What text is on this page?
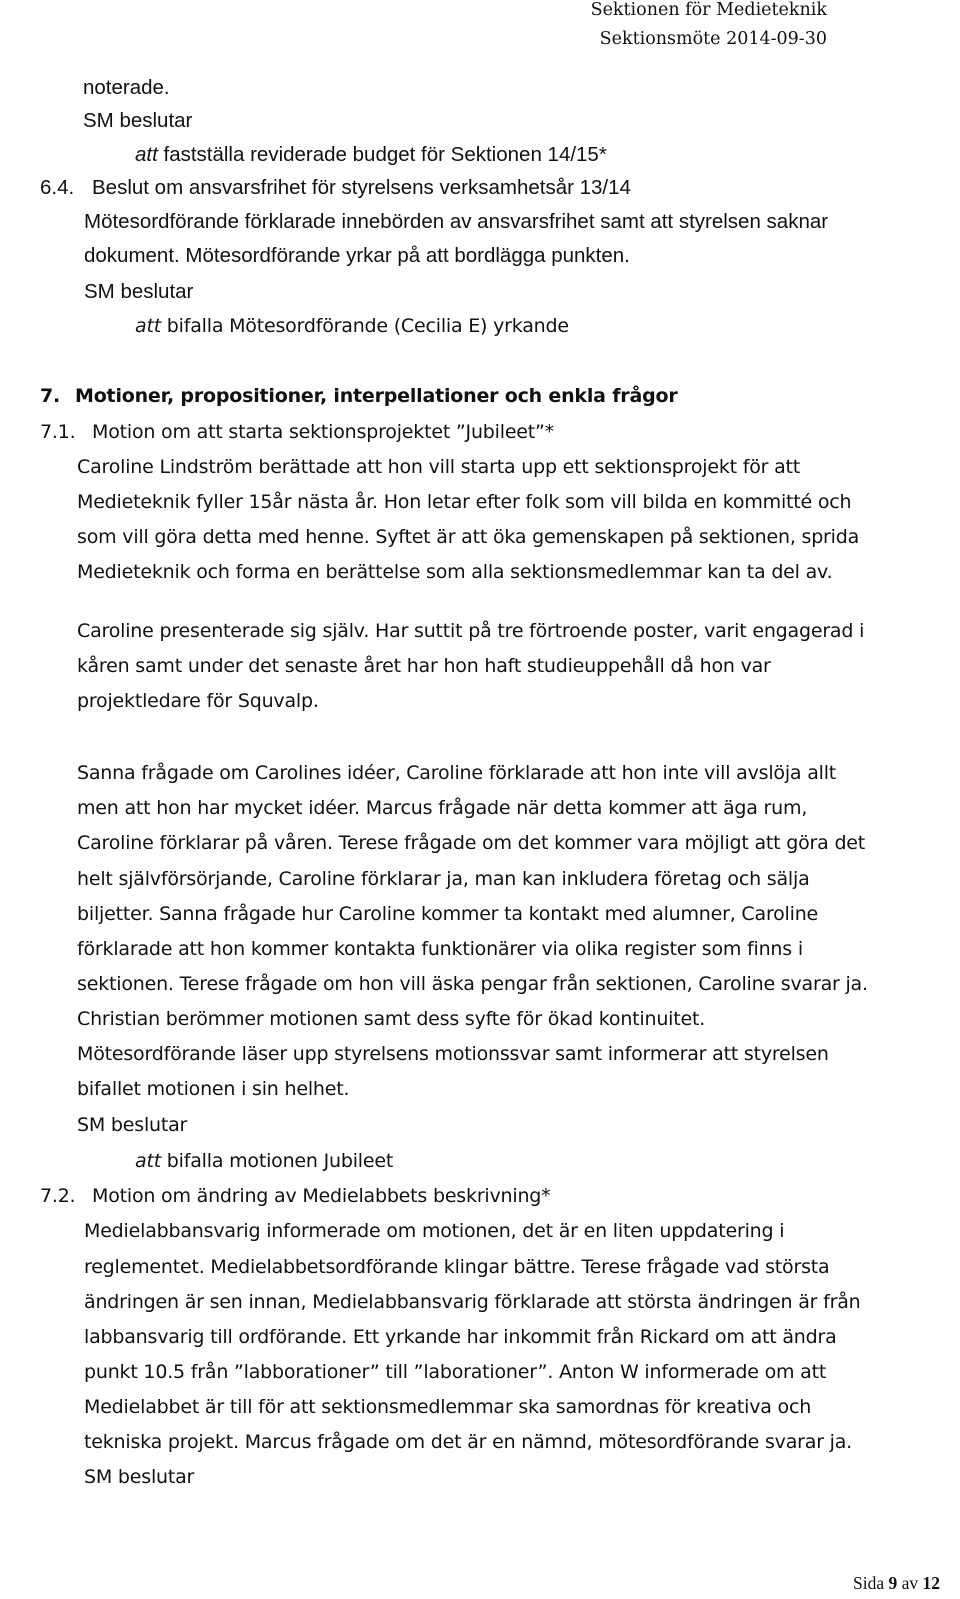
Sektionen för Medieteknik
Sektionsmöte 2014-09-30
noterade.
SM beslutar
att fastställa reviderade budget för Sektionen 14/15*
6.4. Beslut om ansvarsfrihet för styrelsens verksamhetsår 13/14
Mötesordförande förklarade innebörden av ansvarsfrihet samt att styrelsen saknar
dokument. Mötesordförande yrkar på att bordlägga punkten.
SM beslutar
att bifalla Mötesordförande (Cecilia E) yrkande
7. Motioner, propositioner, interpellationer och enkla frågor
7.1. Motion om att starta sektionsprojektet ”Jubileet”*
Caroline Lindström berättade att hon vill starta upp ett sektionsprojekt för att
Medieteknik fyller 15år nästa år. Hon letar efter folk som vill bilda en kommitté och
som vill göra detta med henne. Syftet är att öka gemenskapen på sektionen, sprida
Medieteknik och forma en berättelse som alla sektionsmedlemmar kan ta del av.
Caroline presenterade sig själv. Har suttit på tre förtroende poster, varit engagerad i
kåren samt under det senaste året har hon haft studieuppehåll då hon var
projektledare för Squvalp.
Sanna frågade om Carolines idéer, Caroline förklarade att hon inte vill avslöja allt
men att hon har mycket idéer. Marcus frågade när detta kommer att äga rum,
Caroline förklarar på våren. Terese frågade om det kommer vara möjligt att göra det
helt självförsörjande, Caroline förklarar ja, man kan inkludera företag och sälja
biljetter. Sanna frågade hur Caroline kommer ta kontakt med alumner, Caroline
förklarade att hon kommer kontakta funktionärer via olika register som finns i
sektionen. Terese frågade om hon vill äska pengar från sektionen, Caroline svarar ja.
Christian berömmer motionen samt dess syfte för ökad kontinuitet.
Mötesordförande läser upp styrelsens motionssvar samt informerar att styrelsen
bifallet motionen i sin helhet.
SM beslutar
att bifalla motionen Jubileet
7.2. Motion om ändring av Medielabbets beskrivning*
Medielabbansvarig informerade om motionen, det är en liten uppdatering i
reglementet. Medielabbetsordförande klingar bättre. Terese frågade vad största
ändringen är sen innan, Medielabbansvarig förklarade att största ändringen är från
labbansvarig till ordförande. Ett yrkande har inkommit från Rickard om att ändra
punkt 10.5 från ”labborationer” till ”laborationer”. Anton W informerade om att
Medielabbet är till för att sektionsmedlemmar ska samordnas för kreativa och
tekniska projekt. Marcus frågade om det är en nämnd, mötesordförande svarar ja.
SM beslutar
Sida 9 av 12
